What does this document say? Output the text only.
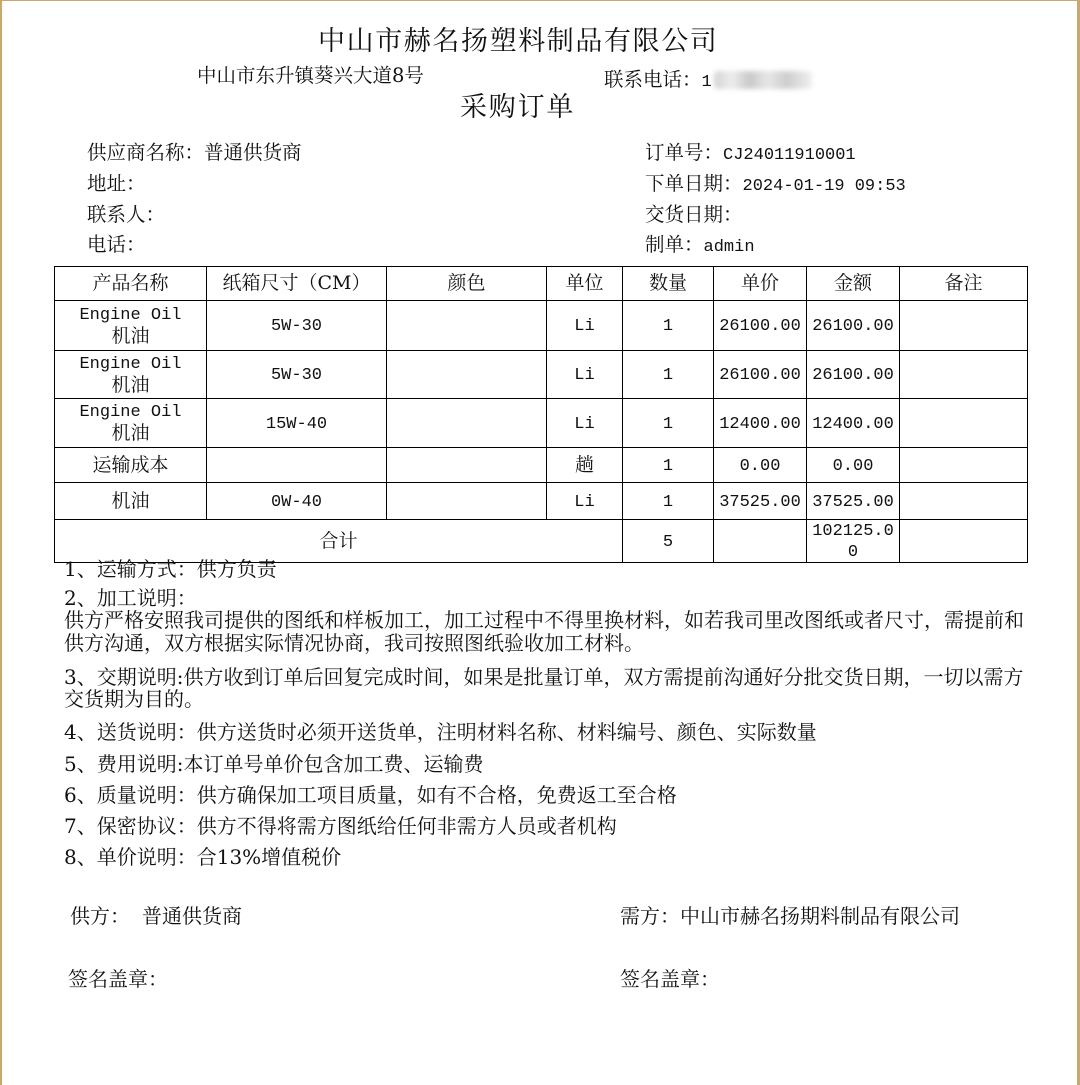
中山市赫名扬塑料制品有限公司
中山市东升镇葵兴大道8号	联系电话：1
采购订单
供应商名称：普通供货商
地址：
联系人：
电话：
订单号：CJ24011910001
下单日期：2024-01-19 09:53
交货日期：
制单：admin
产品名称	纸箱尺寸（CM）	颜色	单位	数量	单价	金额	备注

Engine Oil
机油	5W-30		Li	1	26100.00	26100.00	

Engine Oil
机油	5W-30		Li	1	26100.00	26100.00	

Engine Oil
机油	15W-40		Li	1	12400.00	12400.00	
运输成本			趟	1	0.00	0.00	
机油	0W-40		Li	1	37525.00	37525.00	
合计				5		102125.00	
1、运输方式：供方负责
2、加工说明：
供方严格安照我司提供的图纸和样板加工，加工过程中不得里换材料，如若我司里改图纸或者尺寸，需提前和供方沟通，双方根据实际情况协商，我司按照图纸验收加工材料。
3、交期说明:供方收到订单后回复完成时间，如果是批量订单，双方需提前沟通好分批交货日期，一切以需方交货期为目的。
4、送货说明：供方送货时必须开送货单，注明材料名称、材料编号、颜色、实际数量
5、费用说明:本订单号单价包含加工费、运输费
6、质量说明：供方确保加工项目质量，如有不合格，免费返工至合格
7、保密协议：供方不得将需方图纸给任何非需方人员或者机构
8、单价说明：合13%增值税价
供方： 普通供货商	需方：中山市赫名扬期料制品有限公司
签名盖章：	签名盖章：
